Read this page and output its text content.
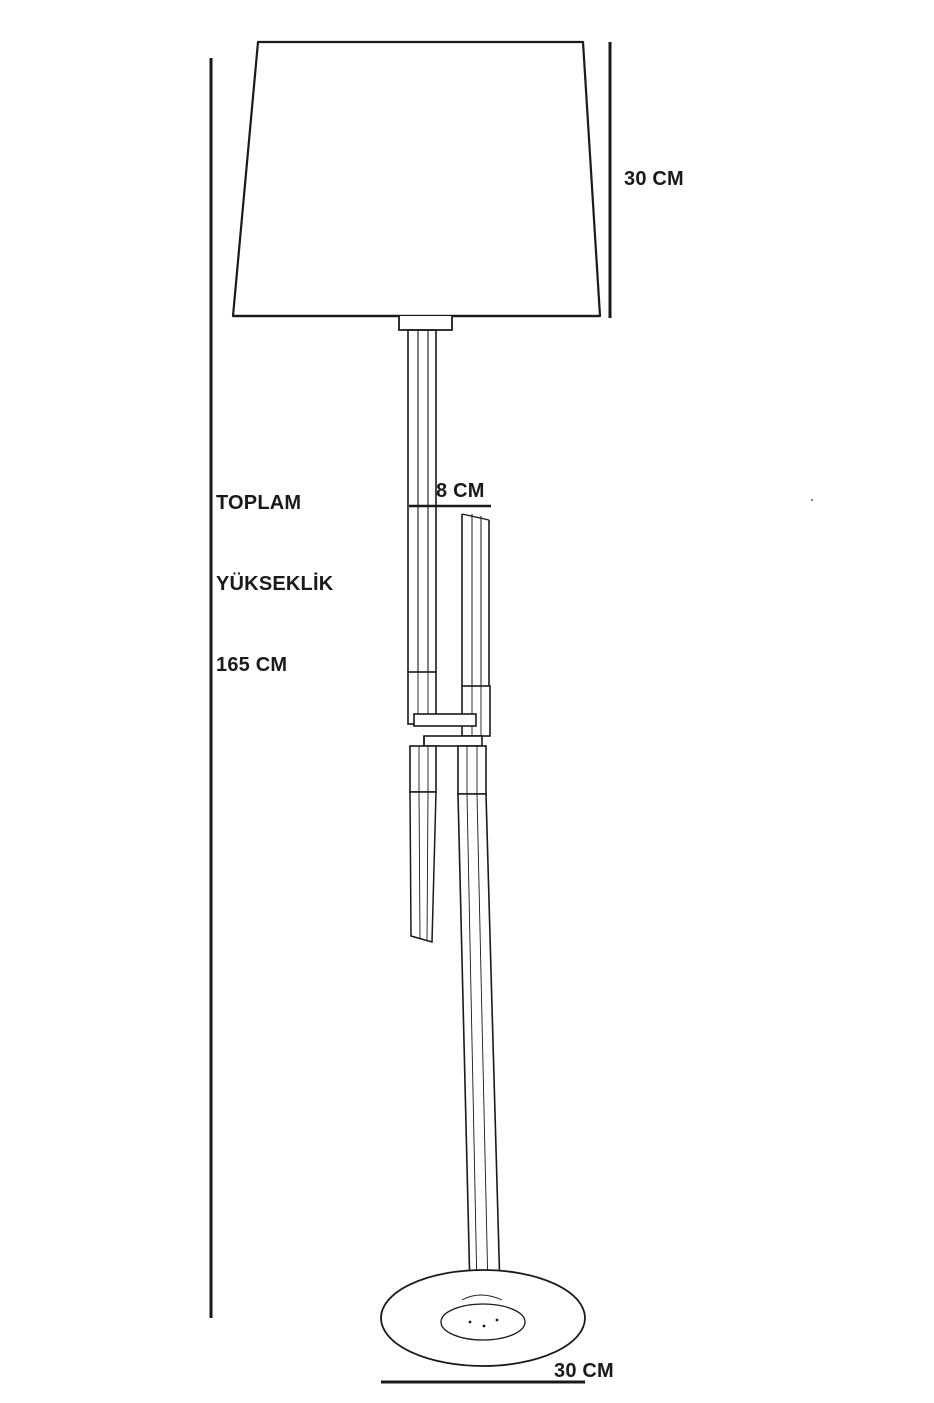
30 CM
8 CM
30 CM

TOPLAM

YÜKSEKLİK

165 CM
